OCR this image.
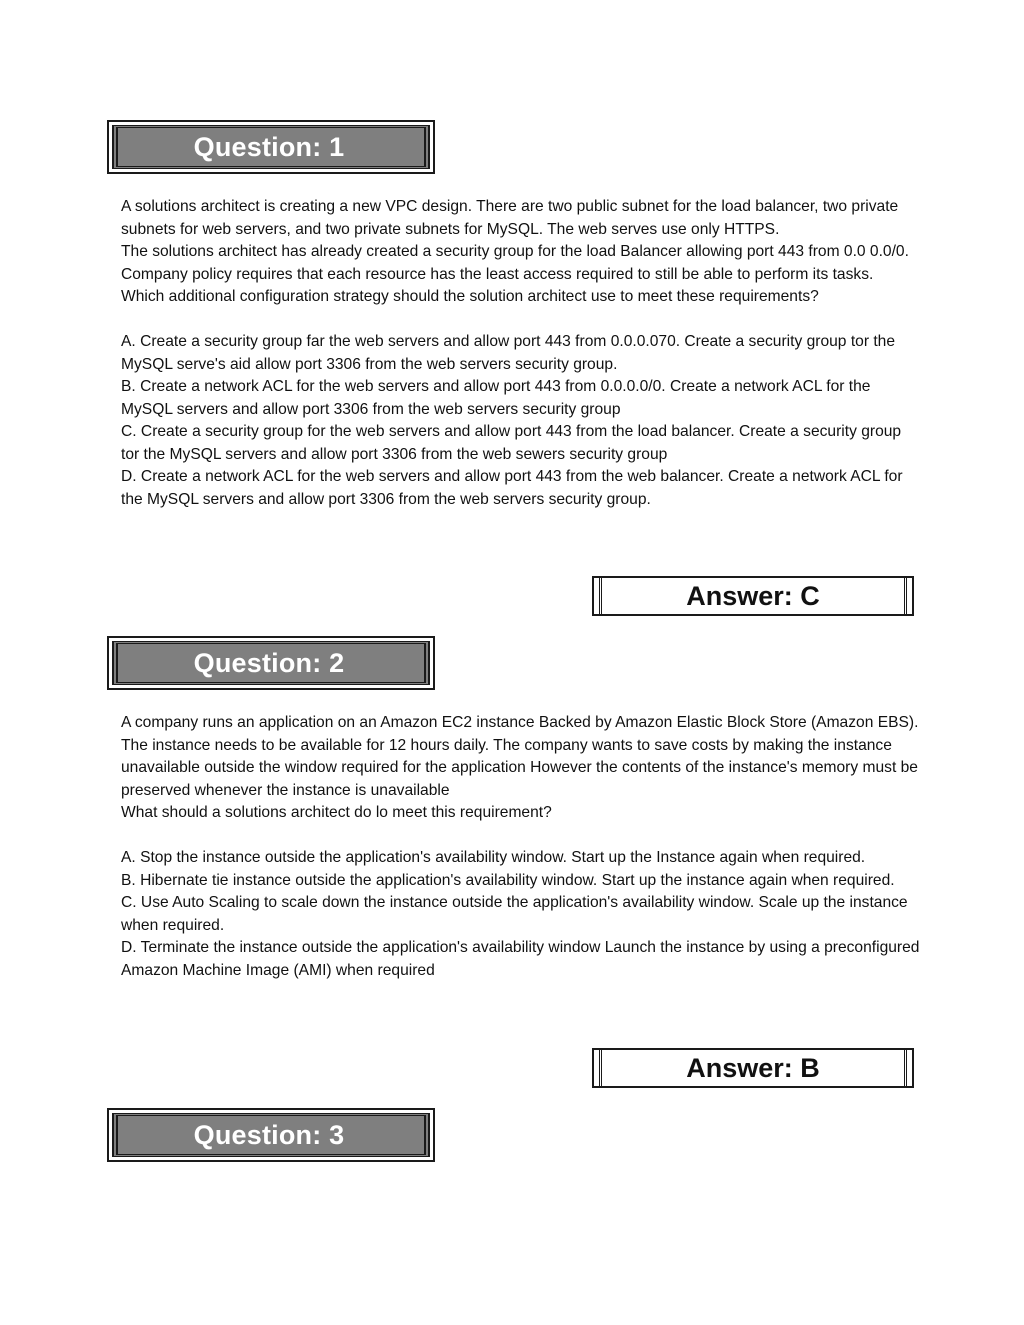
Question: 1

A solutions architect is creating a new VPC design. There are two public subnet for the load balancer, two private subnets for web servers, and two private subnets for MySQL. The web serves use only HTTPS.

The solutions architect has already created a security group for the load Balancer allowing port 443 from 0.0 0.0/0. Company policy requires that each resource has the least access required to still be able to perform its tasks.

Which additional configuration strategy should the solution architect use to meet these requirements?

A. Create a security group far the web servers and allow port 443 from 0.0.0.070. Create a security group tor the MySQL serve's aid allow port 3306 from the web servers security group.

B. Create a network ACL for the web servers and allow port 443 from 0.0.0.0/0. Create a network ACL for the MySQL servers and allow port 3306 from the web servers security group

C. Create a security group for the web servers and allow port 443 from the load balancer. Create a security group tor the MySQL servers and allow port 3306 from the web sewers security group

D. Create a network ACL for the web servers and allow port 443 from the web balancer. Create a network ACL for the MySQL servers and allow port 3306 from the web servers security group.

Answer: C
Question: 2

A company runs an application on an Amazon EC2 instance Backed by Amazon Elastic Block Store (Amazon EBS). The instance needs to be available for 12 hours daily. The company wants to save costs by making the instance unavailable outside the window required for the application However the contents of the instance's memory must be preserved whenever the instance is unavailable

What should a solutions architect do lo meet this requirement?

A. Stop the instance outside the application's availability window. Start up the Instance again when required.

B. Hibernate tie instance outside the application's availability window. Start up the instance again when required.

C. Use Auto Scaling to scale down the instance outside the application's availability window. Scale up the instance when required.

D. Terminate the instance outside the application's availability window Launch the instance by using a preconfigured Amazon Machine Image (AMI) when required

Answer: B
Question: 3
